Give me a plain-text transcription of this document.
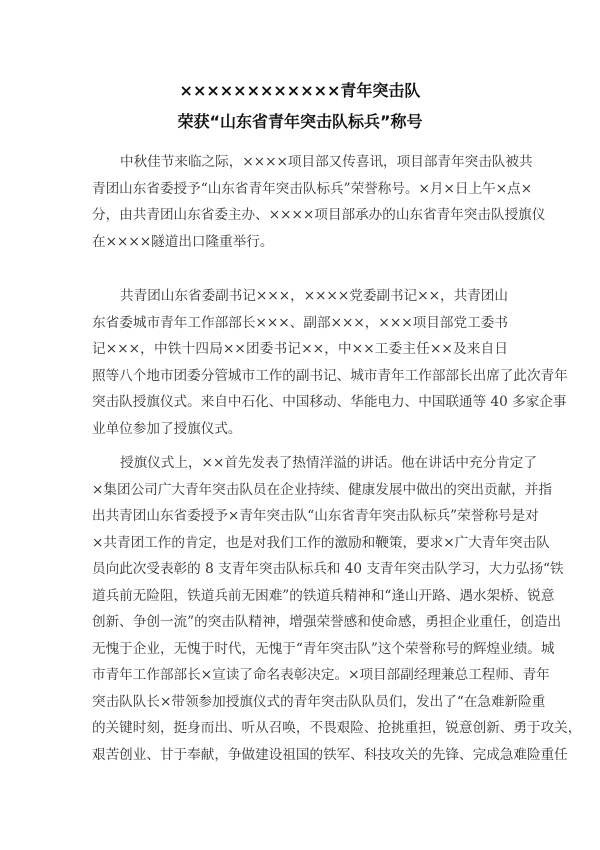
××××××××××××青年突击队
荣获“山东省青年突击队标兵”称号
中秋佳节来临之际，××××项目部又传喜讯，项目部青年突击队被共
青团山东省委授予“山东省青年突击队标兵”荣誉称号。×月×日上午×点×
分，由共青团山东省委主办、××××项目部承办的山东省青年突击队授旗仪
在××××隧道出口隆重举行。
共青团山东省委副书记×××，××××党委副书记××，共青团山
东省委城市青年工作部部长×××、副部×××，×××项目部党工委书
记×××，中铁十四局××团委书记××，中××工委主任××及来自日
照等八个地市团委分管城市工作的副书记、城市青年工作部部长出席了此次青年
突击队授旗仪式。来自中石化、中国移动、华能电力、中国联通等 40 多家企事
业单位参加了授旗仪式。
授旗仪式上，××首先发表了热情洋溢的讲话。他在讲话中充分肯定了
×集团公司广大青年突击队员在企业持续、健康发展中做出的突出贡献，并指
出共青团山东省委授予×青年突击队“山东省青年突击队标兵”荣誉称号是对
×共青团工作的肯定，也是对我们工作的激励和鞭策，要求×广大青年突击队
员向此次受表彰的 8 支青年突击队标兵和 40 支青年突击队学习，大力弘扬“铁
道兵前无险阻，铁道兵前无困难”的铁道兵精神和“逢山开路、遇水架桥、锐意
创新、争创一流”的突击队精神，增强荣誉感和使命感，勇担企业重任，创造出
无愧于企业，无愧于时代，无愧于“青年突击队”这个荣誉称号的辉煌业绩。城
市青年工作部部长×宣读了命名表彰决定。×项目部副经理兼总工程师、青年
突击队队长×带领参加授旗仪式的青年突击队队员们，发出了“在急难新险重
的关键时刻，挺身而出、听从召唤，不畏艰险、抢挑重担，锐意创新、勇于攻关，
艰苦创业、甘于奉献，争做建设祖国的铁军、科技攻关的先锋、完成急难险重任
